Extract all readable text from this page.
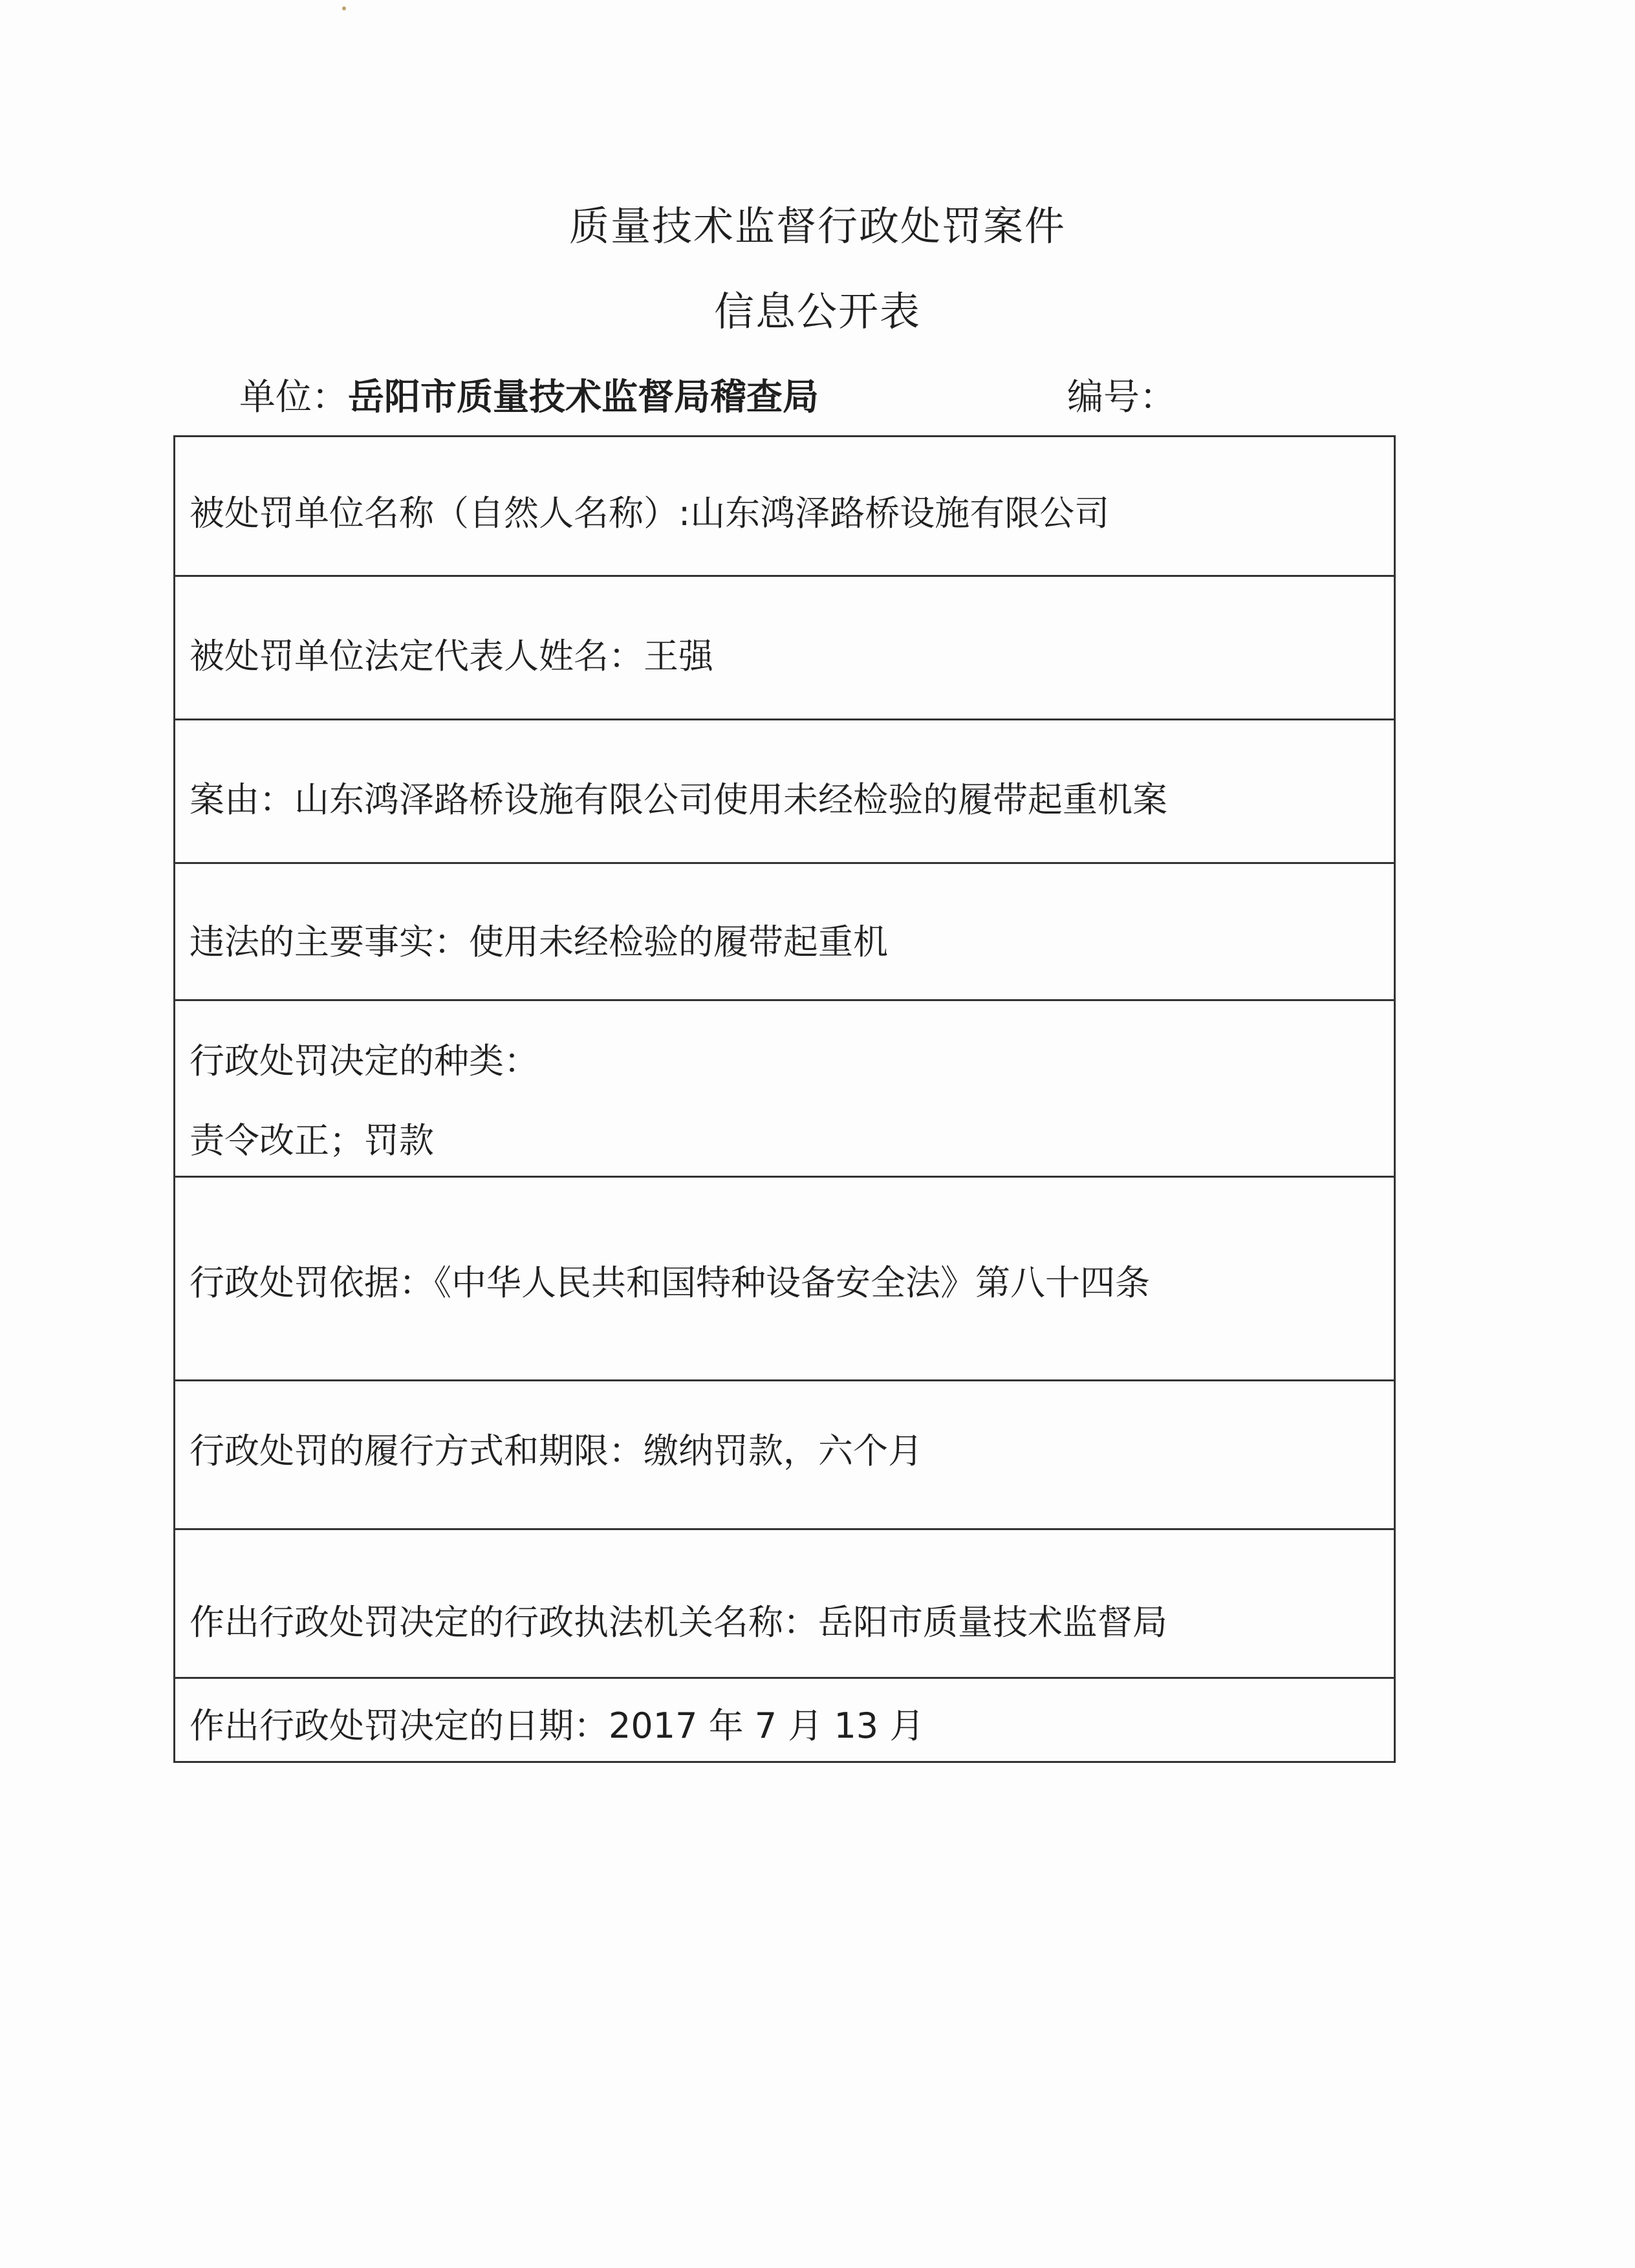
质量技术监督行政处罚案件
信息公开表
单位：岳阳市质量技术监督局稽查局	编号：
被处罚单位名称（自然人名称）:山东鸿泽路桥设施有限公司
被处罚单位法定代表人姓名：王强
案由：山东鸿泽路桥设施有限公司使用未经检验的履带起重机案
违法的主要事实：使用未经检验的履带起重机
行政处罚决定的种类：
责令改正；罚款
行政处罚依据：《中华人民共和国特种设备安全法》第八十四条
行政处罚的履行方式和期限：缴纳罚款，六个月
作出行政处罚决定的行政执法机关名称：岳阳市质量技术监督局
作出行政处罚决定的日期：2017 年 7 月 13 月
